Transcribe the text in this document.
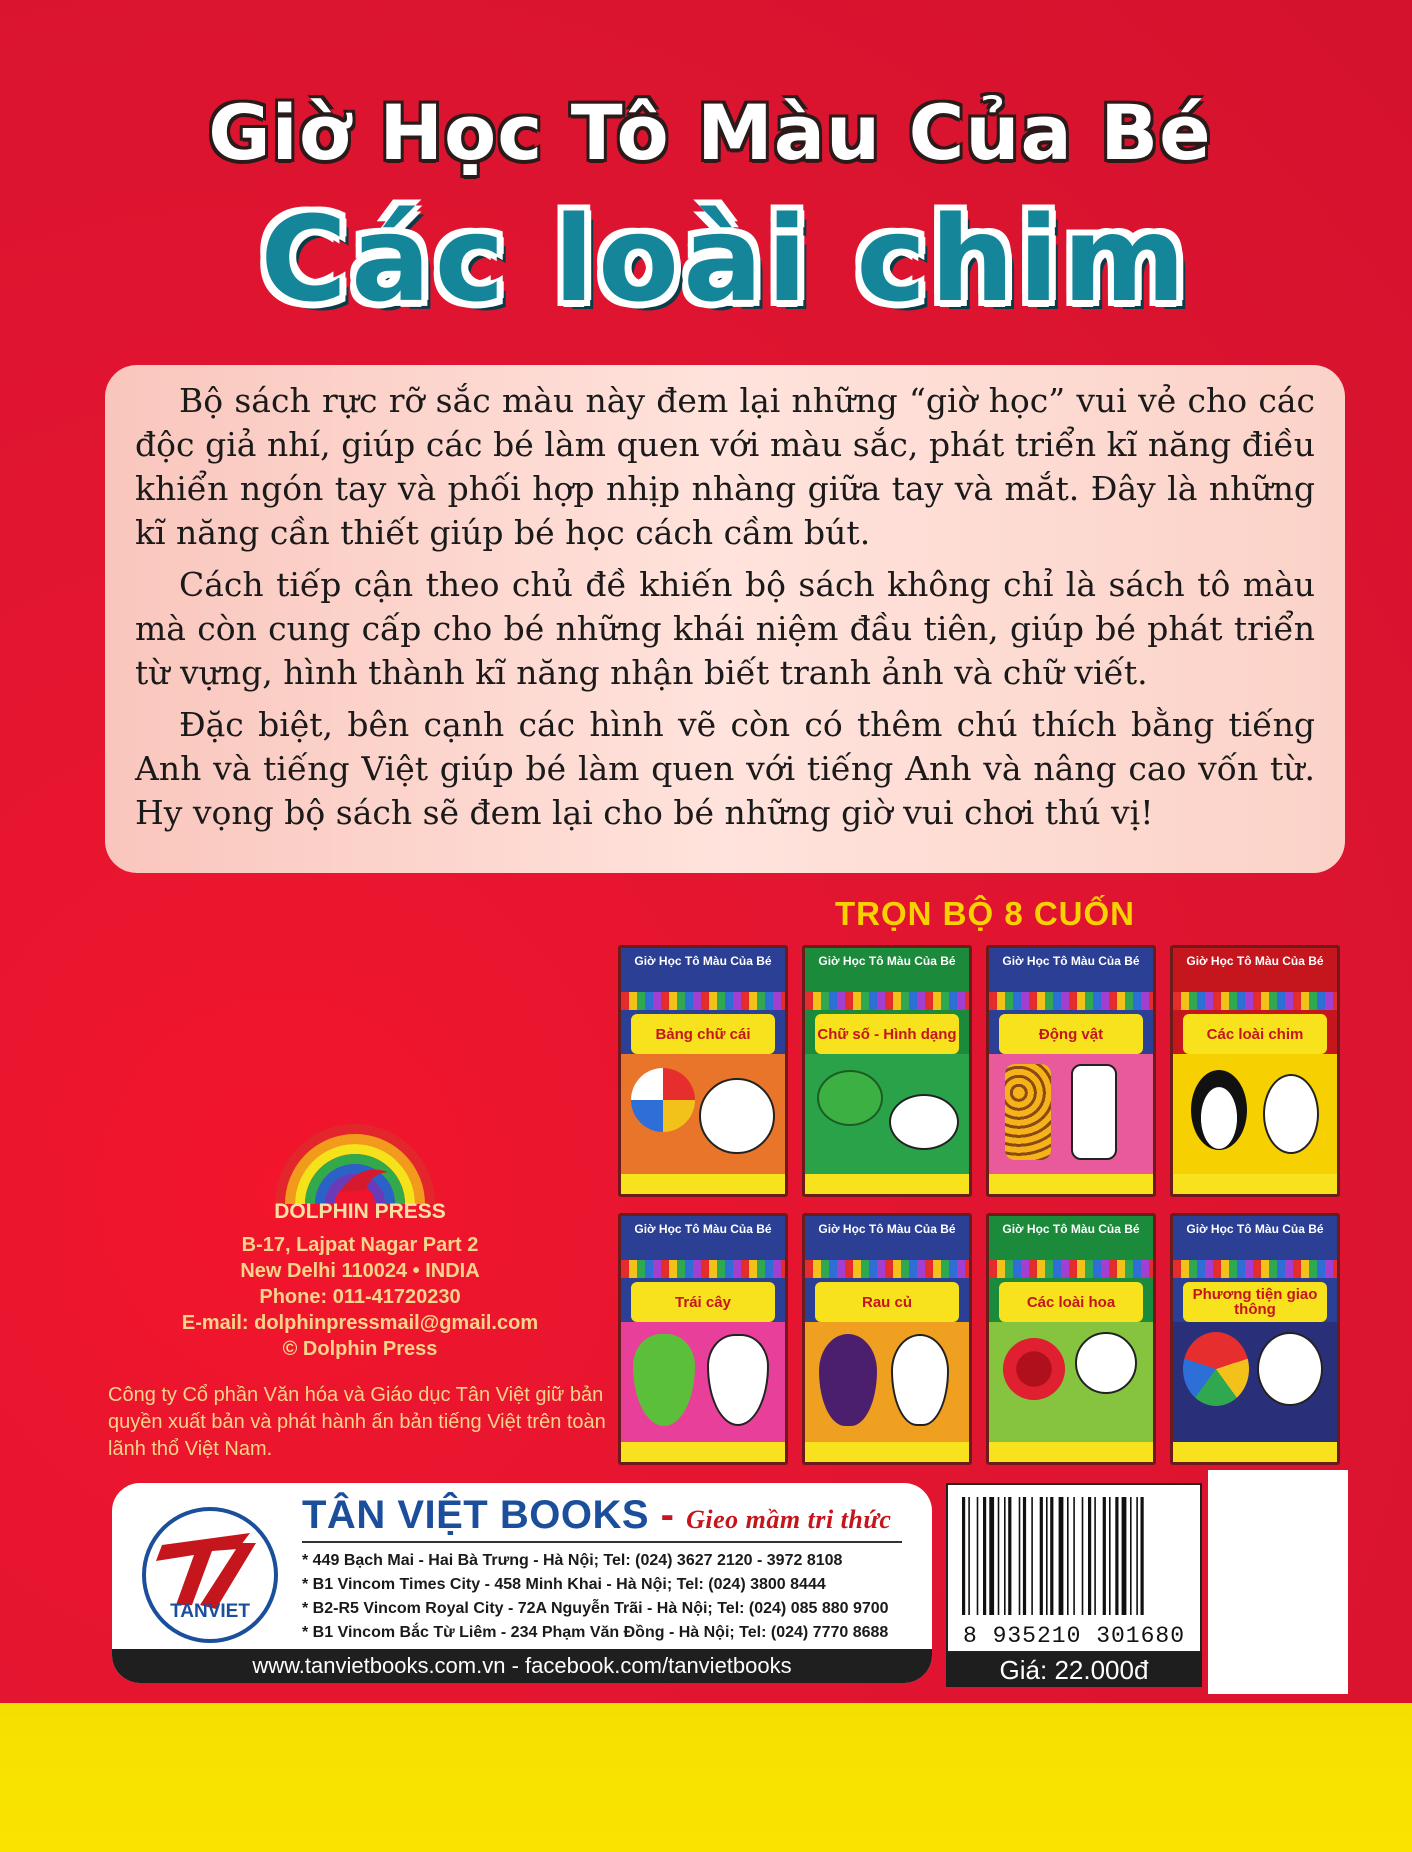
Giờ Học Tô Màu Của Bé
Các loài chim

Bộ sách rực rỡ sắc màu này đem lại những “giờ học” vui vẻ cho các độc giả nhí, giúp các bé làm quen với màu sắc, phát triển kĩ năng điều khiển ngón tay và phối hợp nhịp nhàng giữa tay và mắt. Đây là những kĩ năng cần thiết giúp bé học cách cầm bút.

Cách tiếp cận theo chủ đề khiến bộ sách không chỉ là sách tô màu mà còn cung cấp cho bé những khái niệm đầu tiên, giúp bé phát triển từ vựng, hình thành kĩ năng nhận biết tranh ảnh và chữ viết.

Đặc biệt, bên cạnh các hình vẽ còn có thêm chú thích bằng tiếng Anh và tiếng Việt giúp bé làm quen với tiếng Anh và nâng cao vốn từ. Hy vọng bộ sách sẽ đem lại cho bé những giờ vui chơi thú vị!

TRỌN BỘ 8 CUỐN
Giờ Học Tô Màu Của Bé
Bảng chữ cái
Giờ Học Tô Màu Của Bé
Chữ số - Hình dạng
Giờ Học Tô Màu Của Bé
Động vật
Giờ Học Tô Màu Của Bé
Các loài chim
Giờ Học Tô Màu Của Bé
Trái cây
Giờ Học Tô Màu Của Bé
Rau củ
Giờ Học Tô Màu Của Bé
Các loài hoa
Giờ Học Tô Màu Của Bé
Phương tiện giao thông
DOLPHIN PRESS
B-17, Lajpat Nagar Part 2
New Delhi 110024 • INDIA
Phone: 011-41720230
E-mail: dolphinpressmail@gmail.com
© Dolphin Press
Công ty Cổ phần Văn hóa và Giáo dục Tân Việt giữ bản quyền xuất bản và phát hành ấn bản tiếng Việt trên toàn lãnh thổ Việt Nam.
TANVIET
TÂN VIỆT BOOKS - Gieo mầm tri thức
* 449 Bạch Mai - Hai Bà Trưng - Hà Nội; Tel: (024) 3627 2120 - 3972 8108
* B1 Vincom Times City - 458 Minh Khai - Hà Nội; Tel: (024) 3800 8444
* B2-R5 Vincom Royal City - 72A Nguyễn Trãi - Hà Nội; Tel: (024) 085 880 9700
* B1 Vincom Bắc Từ Liêm - 234 Phạm Văn Đồng - Hà Nội; Tel: (024) 7770 8688
www.tanvietbooks.com.vn - facebook.com/tanvietbooks
8 935210 301680
Giá: 22.000đ
